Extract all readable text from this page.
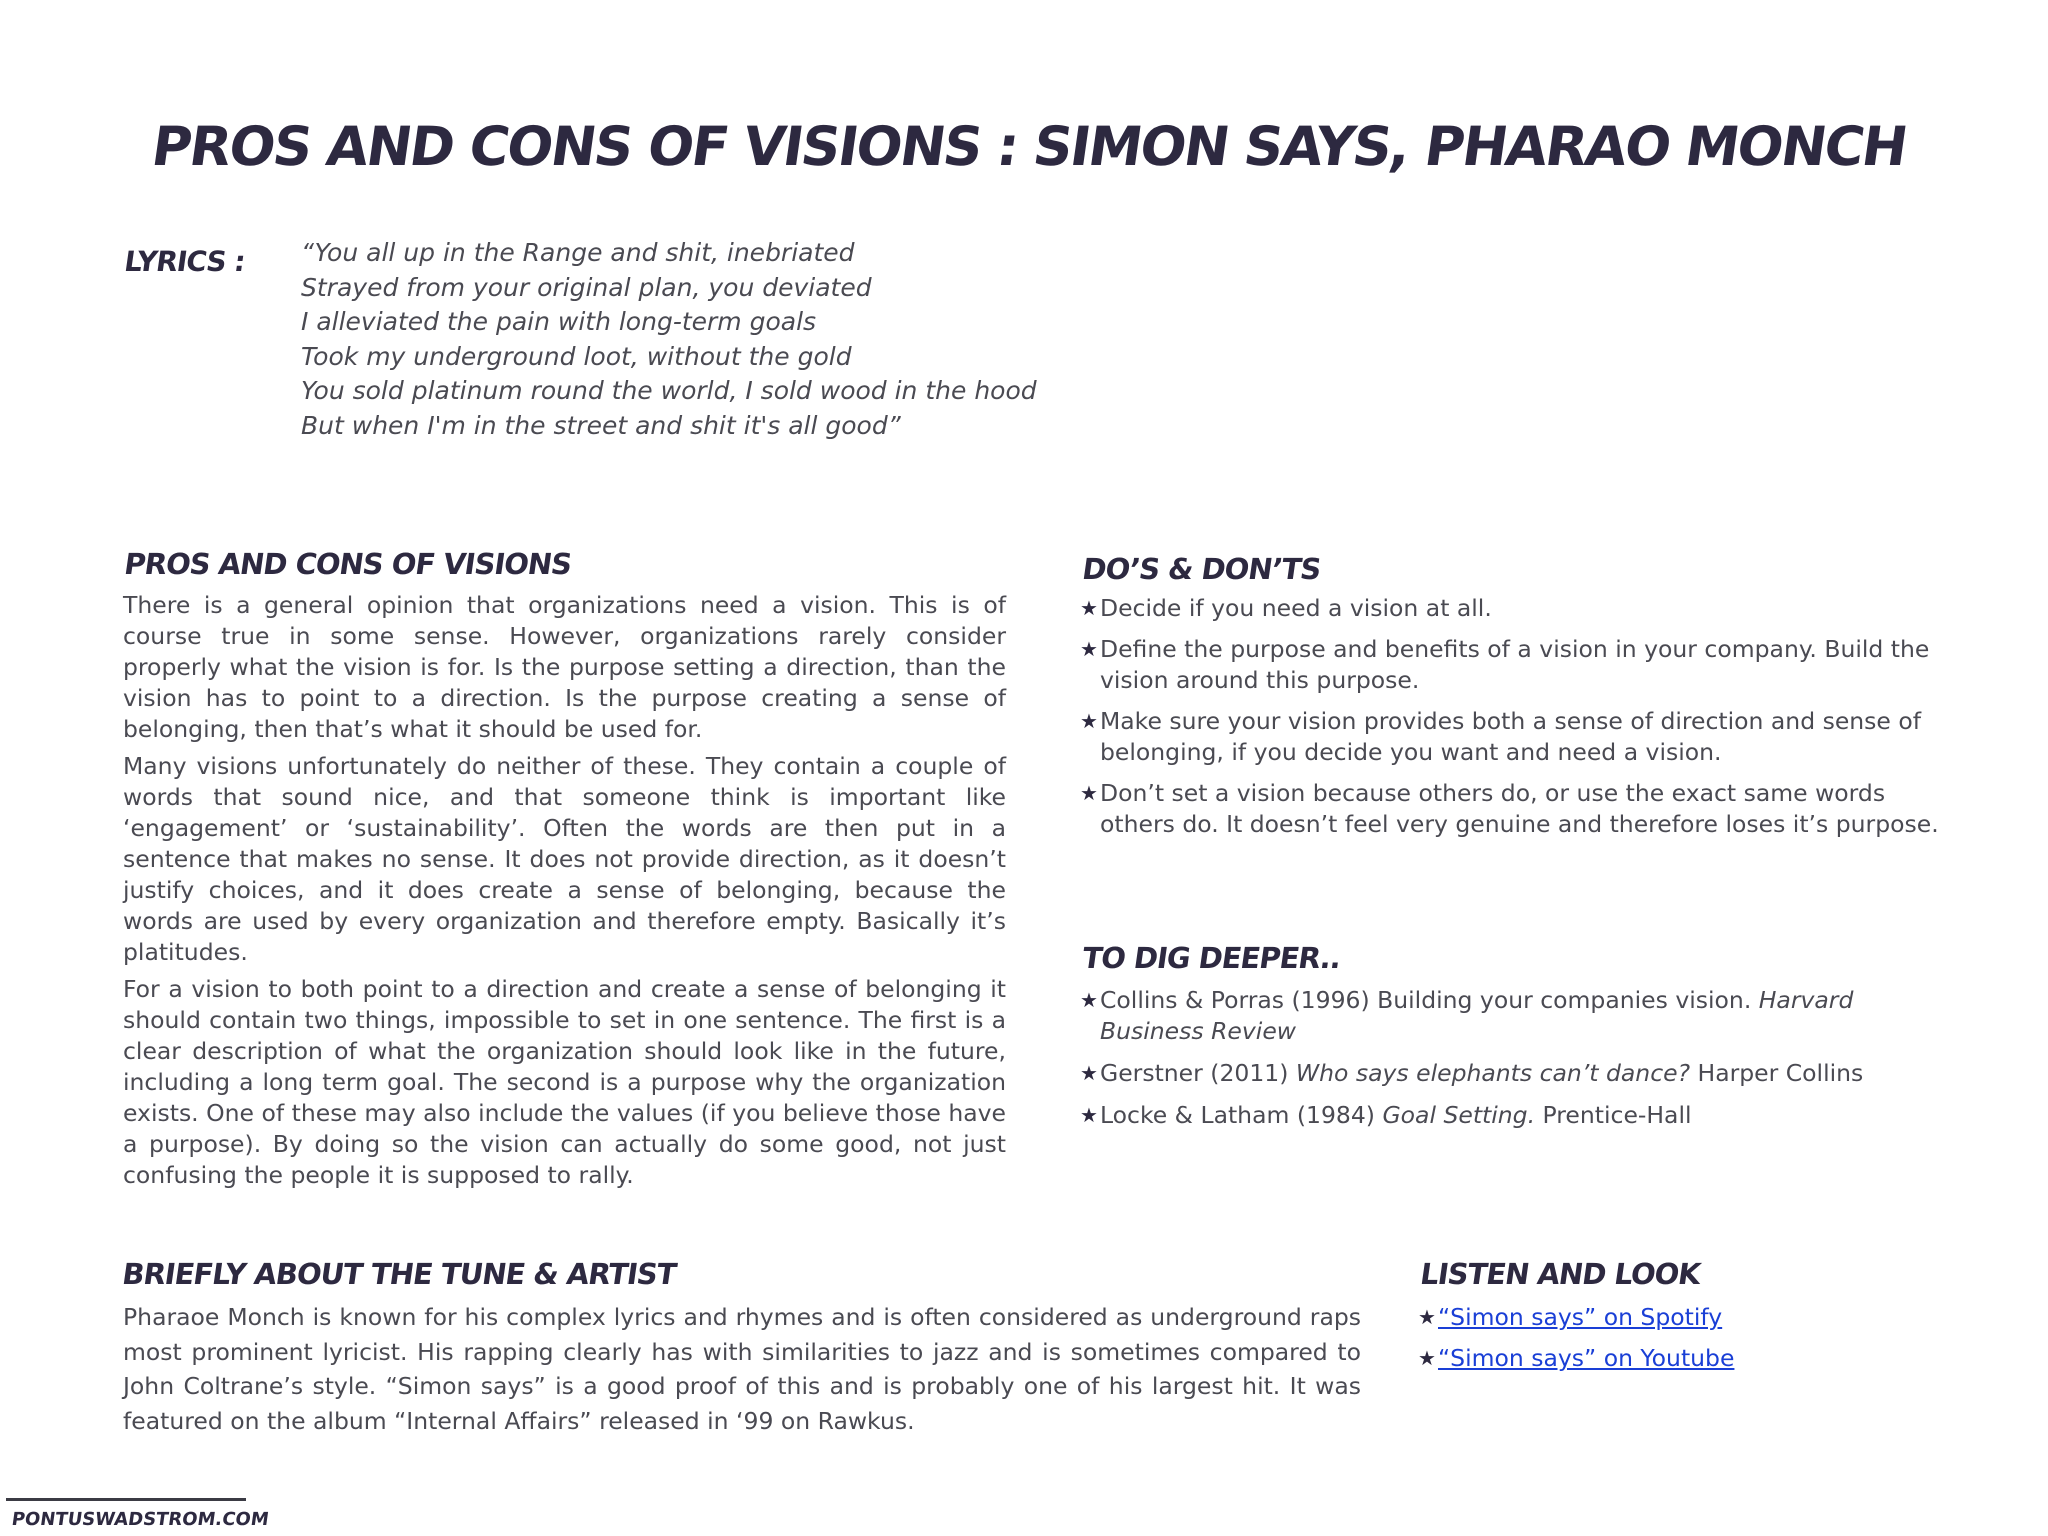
PROS AND CONS OF VISIONS : SIMON SAYS, PHARAO MONCH
LYRICS : “You all up in the Range and shit, inebriated
Strayed from your original plan, you deviated
I alleviated the pain with long-term goals
Took my underground loot, without the gold
You sold platinum round the world, I sold wood in the hood
But when I'm in the street and shit it's all good”
PROS AND CONS OF VISIONS

There is a general opinion that organizations need a vision. This is of course true in some sense. However, organizations rarely consider properly what the vision is for. Is the purpose setting a direction, than the vision has to point to a direction. Is the purpose creating a sense of belonging, then that’s what it should be used for.

Many visions unfortunately do neither of these. They contain a couple of words that sound nice, and that someone think is important like ‘engagement’ or ‘sustainability’. Often the words are then put in a sentence that makes no sense. It does not provide direction, as it doesn’t justify choices, and it does create a sense of belonging, because the words are used by every organization and therefore empty. Basically it’s platitudes.

For a vision to both point to a direction and create a sense of belonging it should contain two things, impossible to set in one sentence. The first is a clear description of what the organization should look like in the future, including a long term goal. The second is a purpose why the organization exists. One of these may also include the values (if you believe those have a purpose). By doing so the vision can actually do some good, not just confusing the people it is supposed to rally.

DO’S & DON’TS
★ Decide if you need a vision at all.
★ Define the purpose and benefits of a vision in your company. Build the vision around this purpose.
★ Make sure your vision provides both a sense of direction and sense of belonging, if you decide you want and need a vision.
★ Don’t set a vision because others do, or use the exact same words others do. It doesn’t feel very genuine and therefore loses it’s purpose.
TO DIG DEEPER..
★ Collins & Porras (1996) Building your companies vision. Harvard Business Review
★ Gerstner (2011) Who says elephants can’t dance? Harper Collins
★ Locke & Latham (1984) Goal Setting. Prentice-Hall
BRIEFLY ABOUT THE TUNE & ARTIST

Pharaoe Monch is known for his complex lyrics and rhymes and is often considered as underground raps most prominent lyricist. His rapping clearly has with similarities to jazz and is sometimes compared to John Coltrane’s style. “Simon says” is a good proof of this and is probably one of his largest hit. It was featured on the album “Internal Affairs” released in ‘99 on Rawkus.

LISTEN AND LOOK
★ “Simon says” on Spotify
★ “Simon says” on Youtube
PONTUSWADSTROM.COM
